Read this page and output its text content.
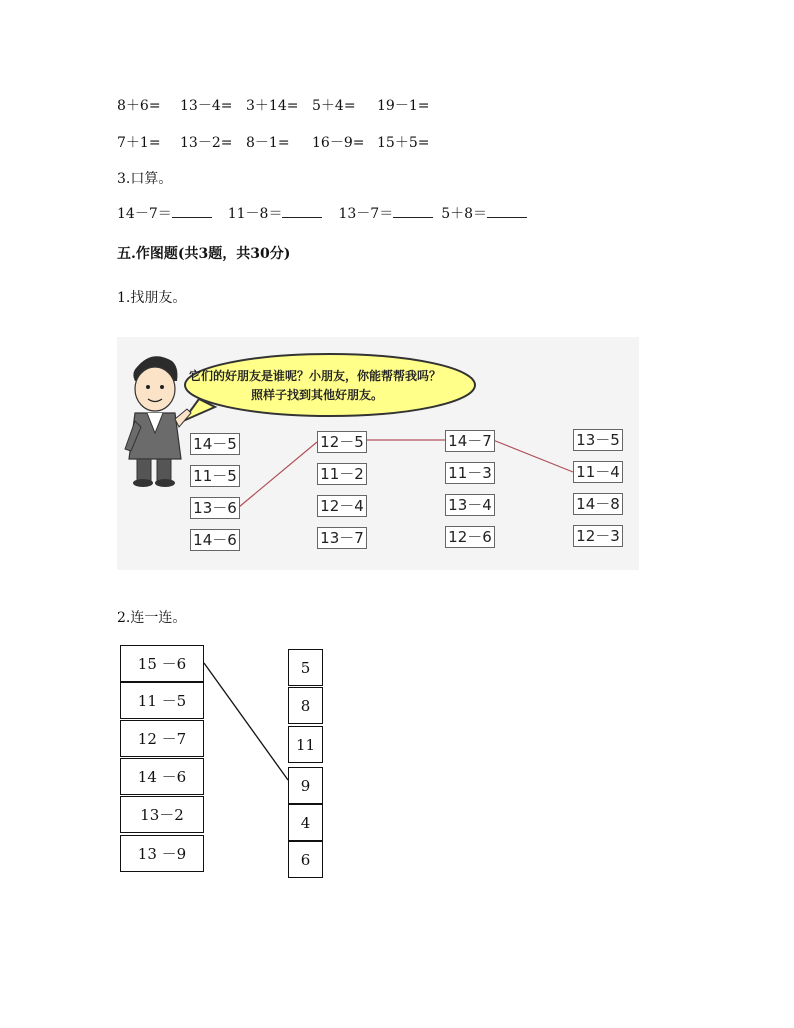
8＋6= 13－4= 3＋14= 5＋4= 19－1=
7＋1= 13－2= 8－1= 16－9= 15＋5=
3.口算。
14－7＝	11－8＝	13－7＝	5＋8＝
五.作图题(共3题，共30分)
1.找朋友。
它们的好朋友是谁呢？小朋友，你能帮帮我吗？
照样子找到其他好朋友。
14－5
11－5
13－6
14－6
12－5
11－2
12－4
13－7
14－7
11－3
13－4
12－6
13－5
11－4
14－8
12－3
2.连一连。
15 －6
11 －5
12 －7
14 －6
13－2
13 －9
5
8
11
9
4
6
